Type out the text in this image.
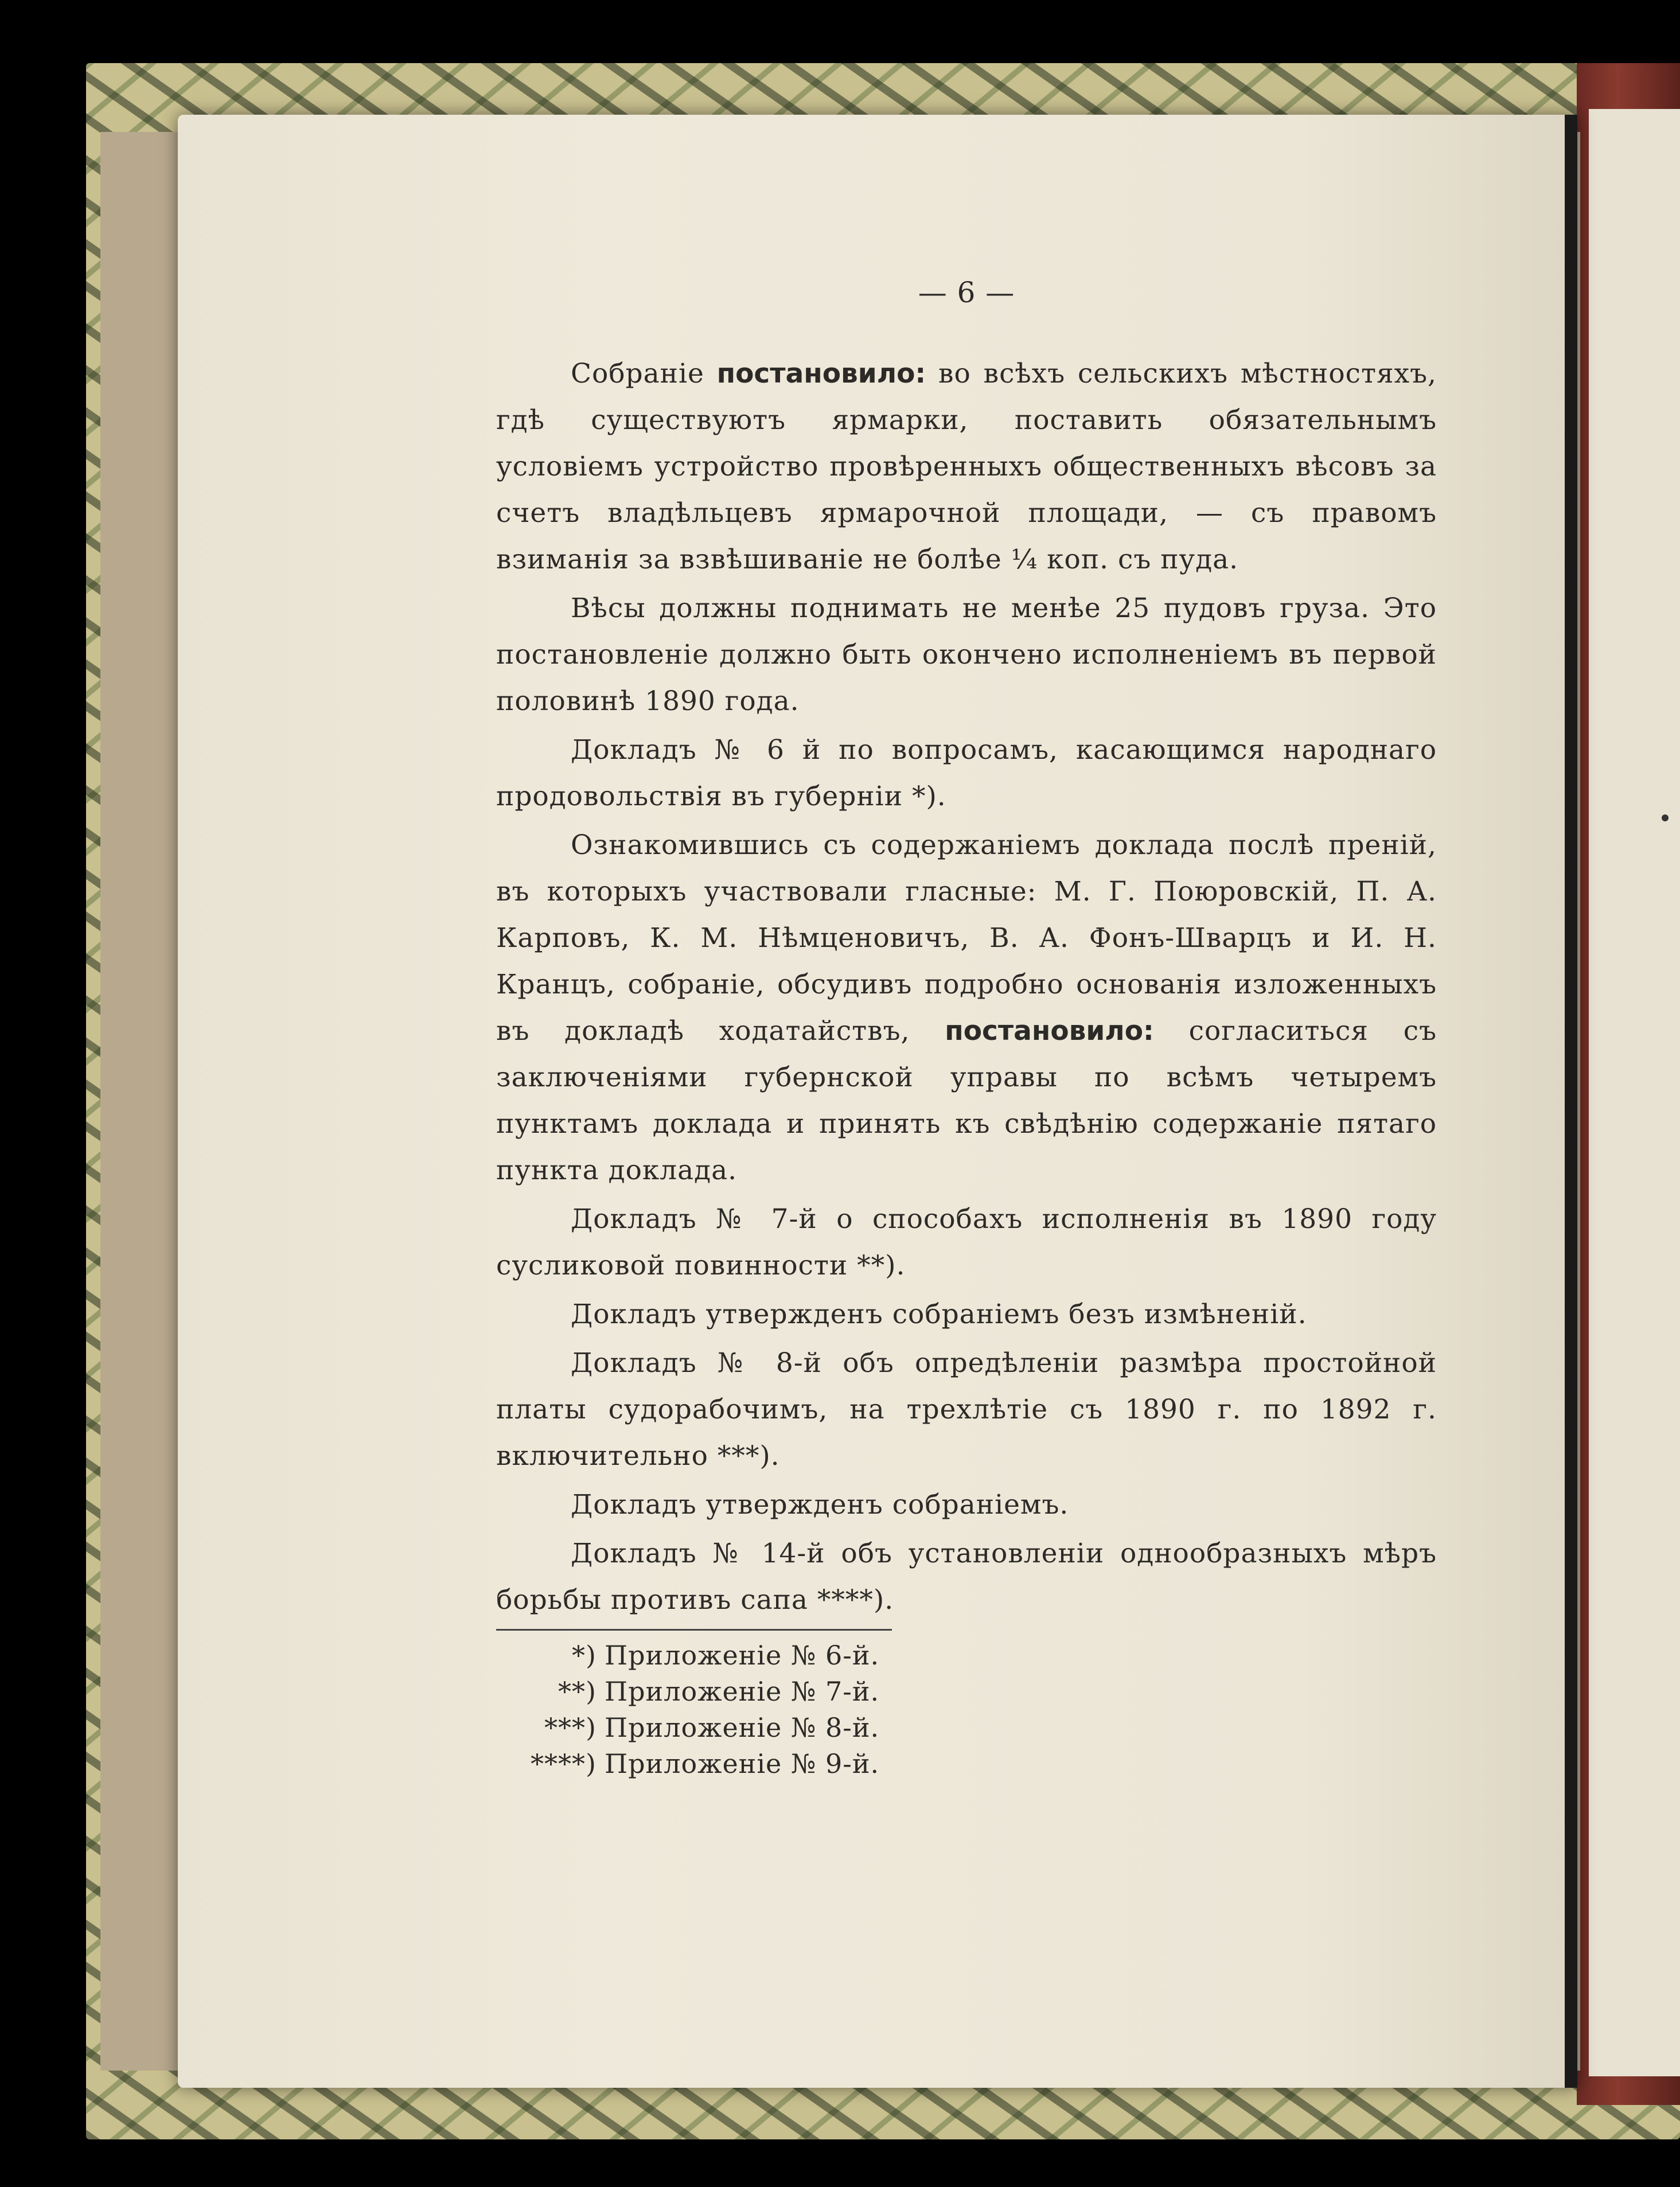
— 6 —

Собраніе постановило: во всѣхъ сельскихъ мѣстностяхъ, гдѣ существуютъ ярмарки, поставить обязательнымъ условіемъ устройство провѣренныхъ общественныхъ вѣсовъ за счетъ владѣльцевъ ярмарочной площади, — съ правомъ взиманія за взвѣшиваніе не болѣе ¼ коп. съ пуда.

Вѣсы должны поднимать не менѣе 25 пудовъ груза. Это постановленіе должно быть окончено исполненіемъ въ первой половинѣ 1890 года.

Докладъ № 6 й по вопросамъ, касающимся народнаго продовольствія въ губерніи *).

Ознакомившись съ содержаніемъ доклада послѣ преній, въ которыхъ участвовали гласные: М. Г. Поюровскій, П. А. Карповъ, К. М. Нѣмценовичъ, В. А. Фонъ-Шварцъ и И. Н. Кранцъ, собраніе, обсудивъ подробно основанія изложенныхъ въ докладѣ ходатайствъ, постановило: согласиться съ заключеніями губернской управы по всѣмъ четыремъ пунктамъ доклада и принять къ свѣдѣнію содержаніе пятаго пункта доклада.

Докладъ № 7-й о способахъ исполненія въ 1890 году сусликовой повинности **).

Докладъ утвержденъ собраніемъ безъ измѣненій.

Докладъ № 8-й объ опредѣленіи размѣра простойной платы судорабочимъ, на трехлѣтіе съ 1890 г. по 1892 г. включительно ***).

Докладъ утвержденъ собраніемъ.

Докладъ № 14-й объ установленіи однообразныхъ мѣръ борьбы противъ сапа ****).

*) Приложеніе № 6-й.
**) Приложеніе № 7-й.
***) Приложеніе № 8-й.
****) Приложеніе № 9-й.
